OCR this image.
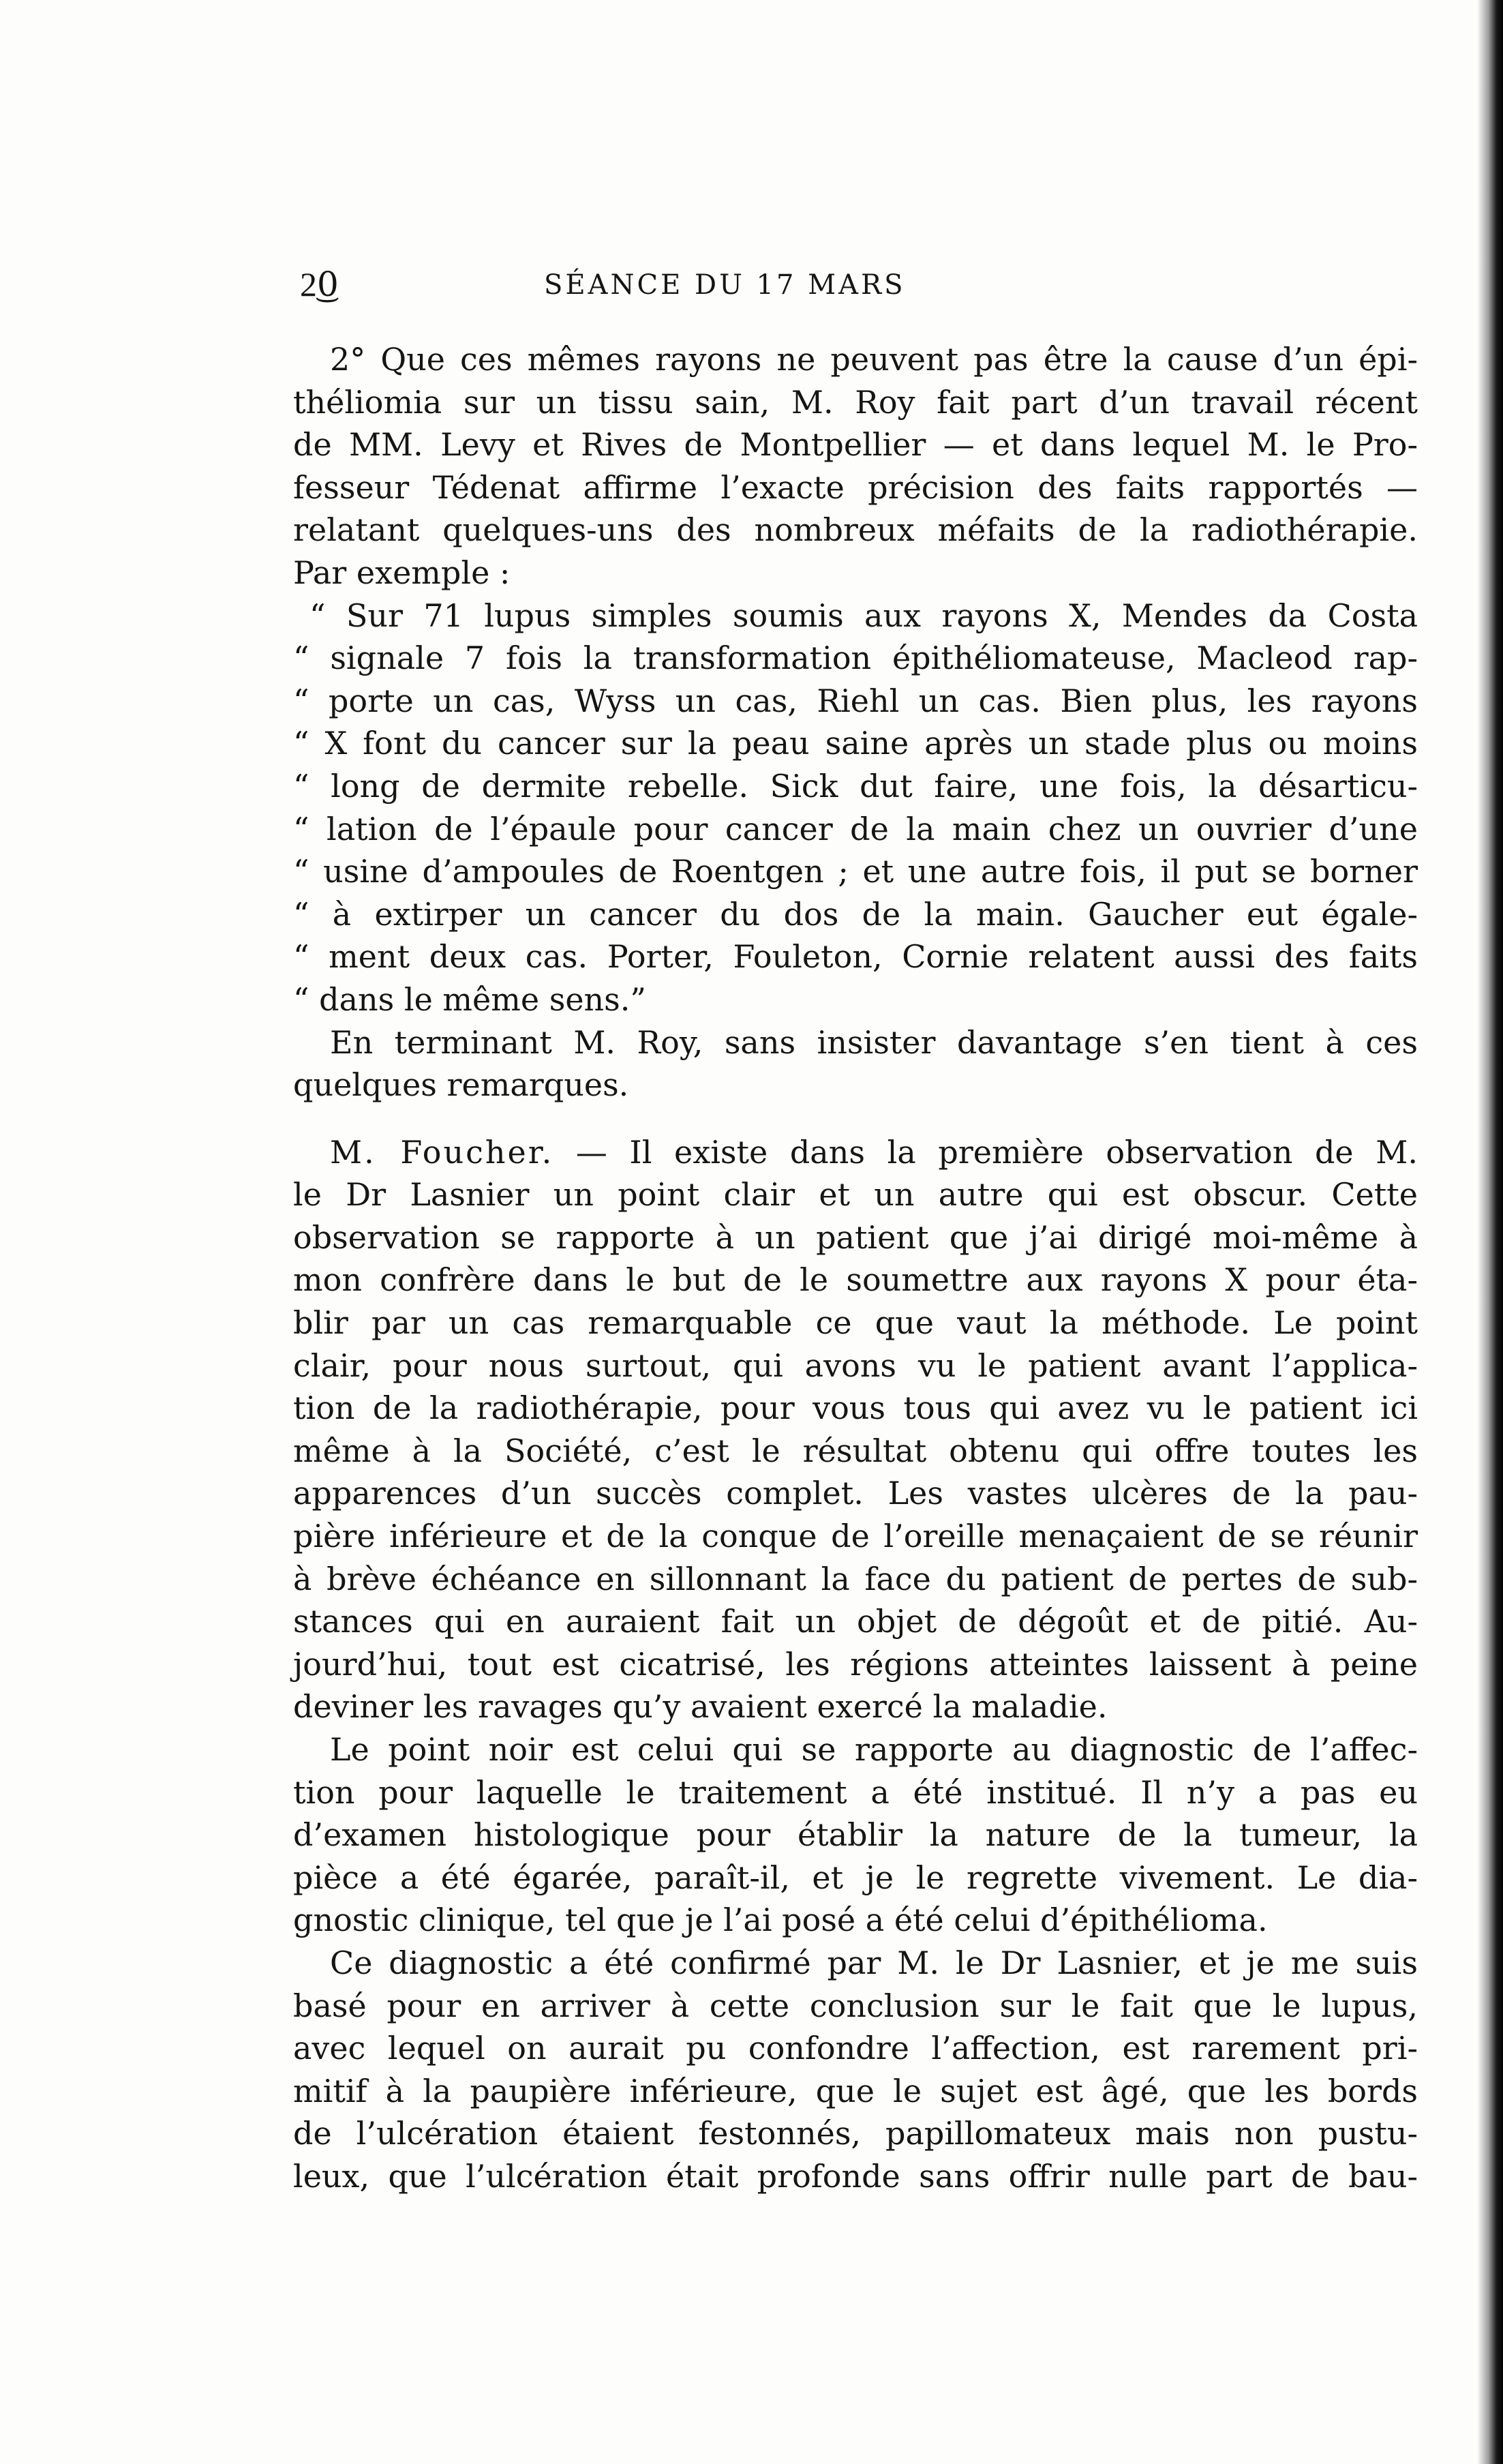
2͜0	SÉANCE DU 17 MARS
2° Que ces mêmes rayons ne peuvent pas être la cause d’un épi-
théliomia sur un tissu sain, M. Roy fait part d’un travail récent
de MM. Levy et Rives de Montpellier — et dans lequel M. le Pro-
fesseur Tédenat affirme l’exacte précision des faits rapportés —
relatant quelques-uns des nombreux méfaits de la radiothérapie.
Par exemple :
“ Sur 71 lupus simples soumis aux rayons X, Mendes da Costa
“ signale 7 fois la transformation épithéliomateuse, Macleod rap-
“ porte un cas, Wyss un cas, Riehl un cas. Bien plus, les rayons
“ X font du cancer sur la peau saine après un stade plus ou moins
“ long de dermite rebelle. Sick dut faire, une fois, la désarticu-
“ lation de l’épaule pour cancer de la main chez un ouvrier d’une
“ usine d’ampoules de Roentgen ; et une autre fois, il put se borner
“ à extirper un cancer du dos de la main. Gaucher eut égale-
“ ment deux cas. Porter, Fouleton, Cornie relatent aussi des faits
“ dans le même sens.”
En terminant M. Roy, sans insister davantage s’en tient à ces
quelques remarques.
M. Foucher. — Il existe dans la première observation de M.
le Dr Lasnier un point clair et un autre qui est obscur. Cette
observation se rapporte à un patient que j’ai dirigé moi-même à
mon confrère dans le but de le soumettre aux rayons X pour éta-
blir par un cas remarquable ce que vaut la méthode. Le point
clair, pour nous surtout, qui avons vu le patient avant l’applica-
tion de la radiothérapie, pour vous tous qui avez vu le patient ici
même à la Société, c’est le résultat obtenu qui offre toutes les
apparences d’un succès complet. Les vastes ulcères de la pau-
pière inférieure et de la conque de l’oreille menaçaient de se réunir
à brève échéance en sillonnant la face du patient de pertes de sub-
stances qui en auraient fait un objet de dégoût et de pitié. Au-
jourd’hui, tout est cicatrisé, les régions atteintes laissent à peine
deviner les ravages qu’y avaient exercé la maladie.
Le point noir est celui qui se rapporte au diagnostic de l’affec-
tion pour laquelle le traitement a été institué. Il n’y a pas eu
d’examen histologique pour établir la nature de la tumeur, la
pièce a été égarée, paraît-il, et je le regrette vivement. Le dia-
gnostic clinique, tel que je l’ai posé a été celui d’épithélioma.
Ce diagnostic a été confirmé par M. le Dr Lasnier, et je me suis
basé pour en arriver à cette conclusion sur le fait que le lupus,
avec lequel on aurait pu confondre l’affection, est rarement pri-
mitif à la paupière inférieure, que le sujet est âgé, que les bords
de l’ulcération étaient festonnés, papillomateux mais non pustu-
leux, que l’ulcération était profonde sans offrir nulle part de bau-
